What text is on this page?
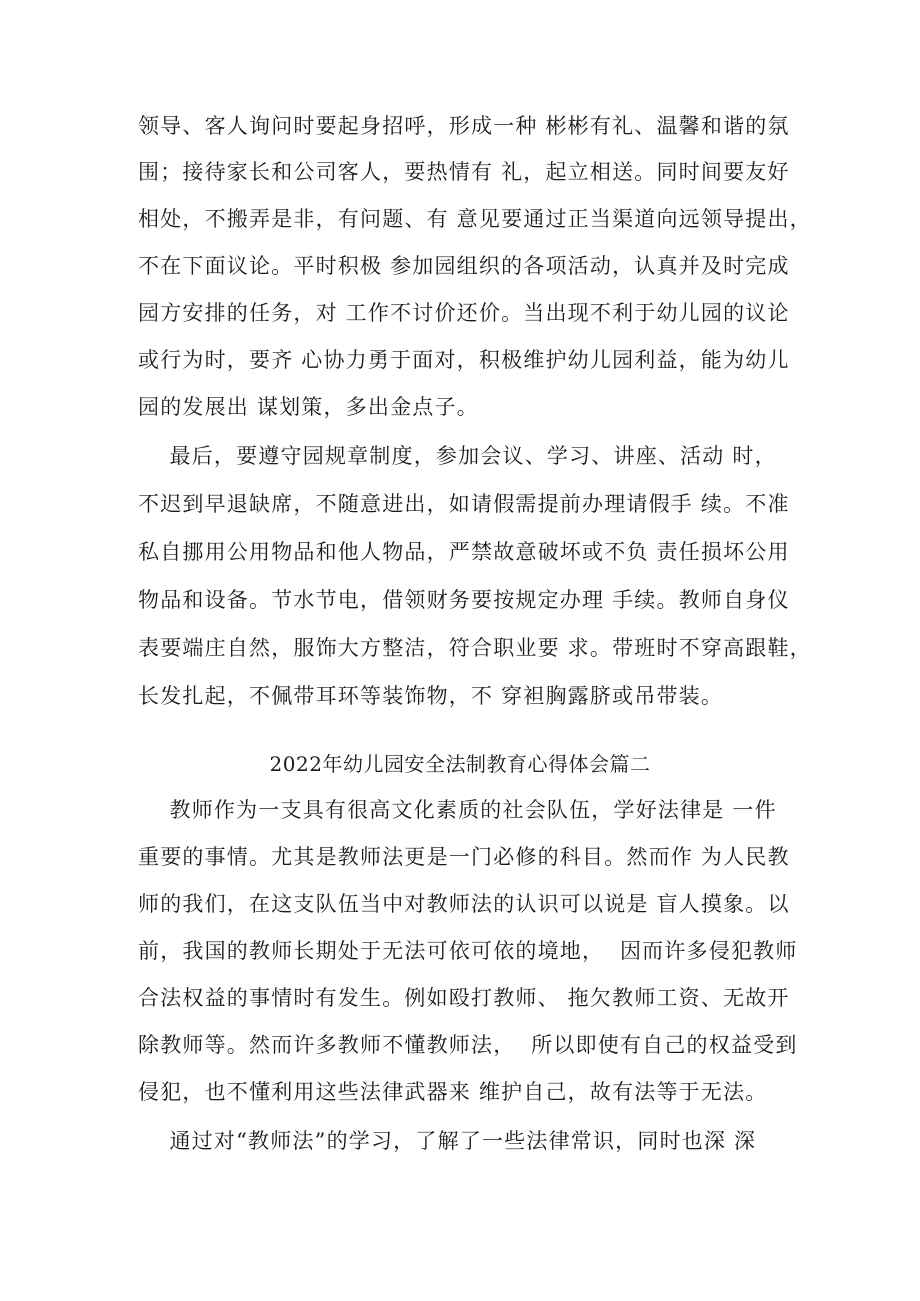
领导、客人询问时要起身招呼，形成一种 彬彬有礼、温馨和谐的氛
围；接待家长和公司客人，要热情有 礼，起立相送。同时间要友好
相处，不搬弄是非，有问题、有 意见要通过正当渠道向远领导提出，
不在下面议论。平时积极 参加园组织的各项活动，认真并及时完成
园方安排的任务，对 工作不讨价还价。当出现不利于幼儿园的议论
或行为时，要齐 心协力勇于面对，积极维护幼儿园利益，能为幼儿
园的发展出 谋划策，多出金点子。
最后，要遵守园规章制度，参加会议、学习、讲座、活动 时，
不迟到早退缺席，不随意进出，如请假需提前办理请假手 续。不准
私自挪用公用物品和他人物品，严禁故意破坏或不负 责任损坏公用
物品和设备。节水节电，借领财务要按规定办理 手续。教师自身仪
表要端庄自然，服饰大方整洁，符合职业要 求。带班时不穿高跟鞋，
长发扎起，不佩带耳环等装饰物，不 穿袒胸露脐或吊带装。
2022年幼儿园安全法制教育心得体会篇二
教师作为一支具有很高文化素质的社会队伍，学好法律是 一件
重要的事情。尤其是教师法更是一门必修的科目。然而作 为人民教
师的我们，在这支队伍当中对教师法的认识可以说是 盲人摸象。以
前，我国的教师长期处于无法可依可依的境地，  因而许多侵犯教师
合法权益的事情时有发生。例如殴打教师、 拖欠教师工资、无故开
除教师等。然而许多教师不懂教师法，  所以即使有自己的权益受到
侵犯，也不懂利用这些法律武器来 维护自己，故有法等于无法。
通过对“教师法”的学习，了解了一些法律常识，同时也深 深
